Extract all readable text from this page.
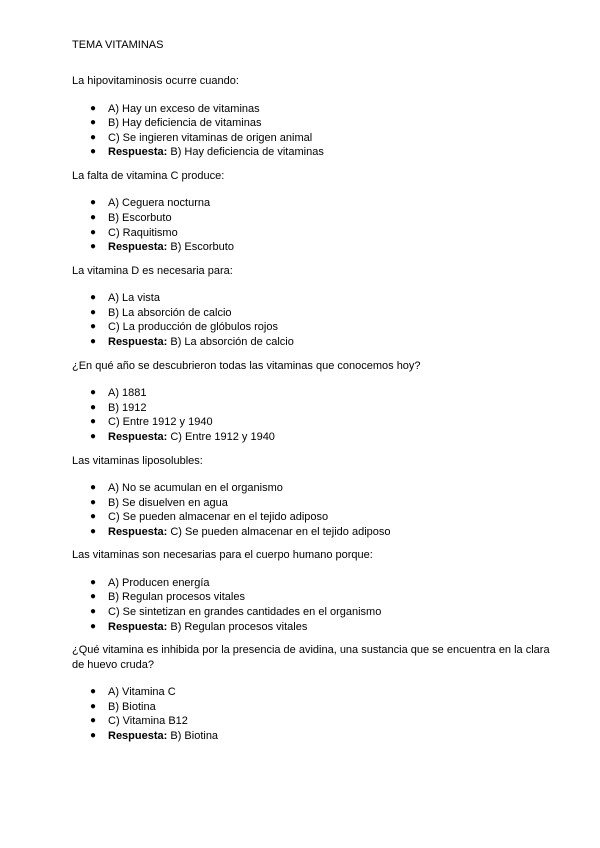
TEMA VITAMINAS

La hipovitaminosis ocurre cuando:

● A) Hay un exceso de vitaminas
● B) Hay deficiencia de vitaminas
● C) Se ingieren vitaminas de origen animal
● Respuesta: B) Hay deficiencia de vitaminas

La falta de vitamina C produce:

● A) Ceguera nocturna
● B) Escorbuto
● C) Raquitismo
● Respuesta: B) Escorbuto

La vitamina D es necesaria para:

● A) La vista
● B) La absorción de calcio
● C) La producción de glóbulos rojos
● Respuesta: B) La absorción de calcio

¿En qué año se descubrieron todas las vitaminas que conocemos hoy?

● A) 1881
● B) 1912
● C) Entre 1912 y 1940
● Respuesta: C) Entre 1912 y 1940

Las vitaminas liposolubles:

● A) No se acumulan en el organismo
● B) Se disuelven en agua
● C) Se pueden almacenar en el tejido adiposo
● Respuesta: C) Se pueden almacenar en el tejido adiposo

Las vitaminas son necesarias para el cuerpo humano porque:

● A) Producen energía
● B) Regulan procesos vitales
● C) Se sintetizan en grandes cantidades en el organismo
● Respuesta: B) Regulan procesos vitales

¿Qué vitamina es inhibida por la presencia de avidina, una sustancia que se encuentra en la clara de huevo cruda?

● A) Vitamina C
● B) Biotina
● C) Vitamina B12
● Respuesta: B) Biotina
